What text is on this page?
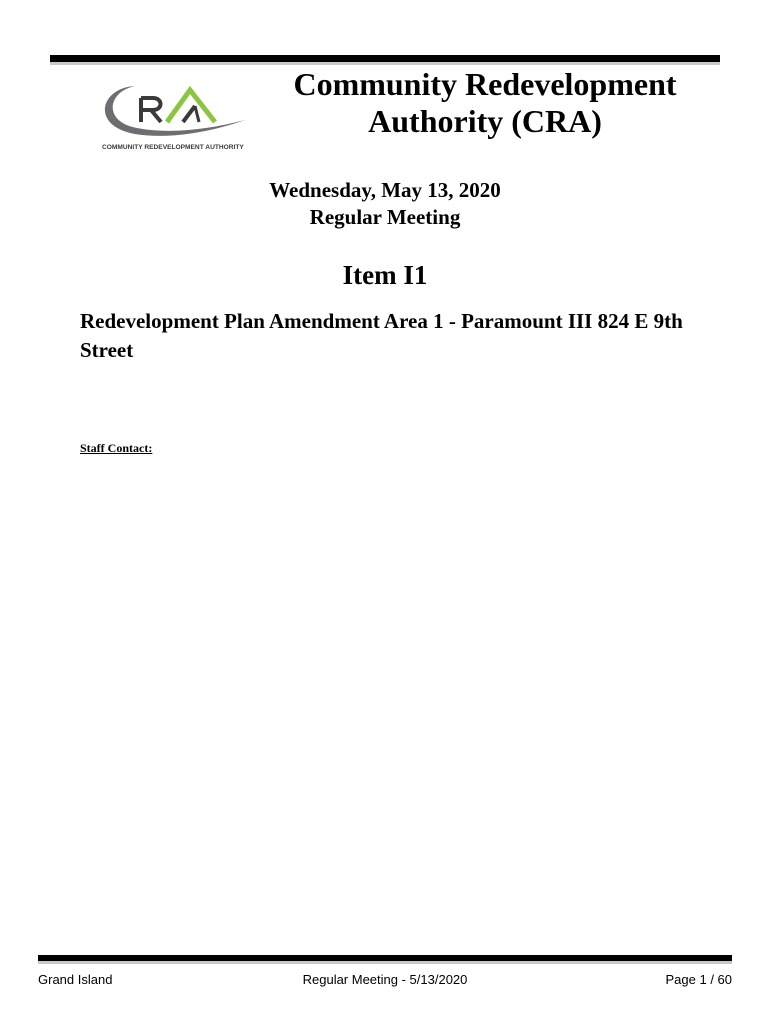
COMMUNITY REDEVELOPMENT AUTHORITY
Community Redevelopment
Authority (CRA)
Wednesday, May 13, 2020
Regular Meeting
Item I1
Redevelopment Plan Amendment Area 1 - Paramount III 824 E 9th Street
Staff Contact:
Grand Island	Regular Meeting - 5/13/2020	Page 1 / 60
